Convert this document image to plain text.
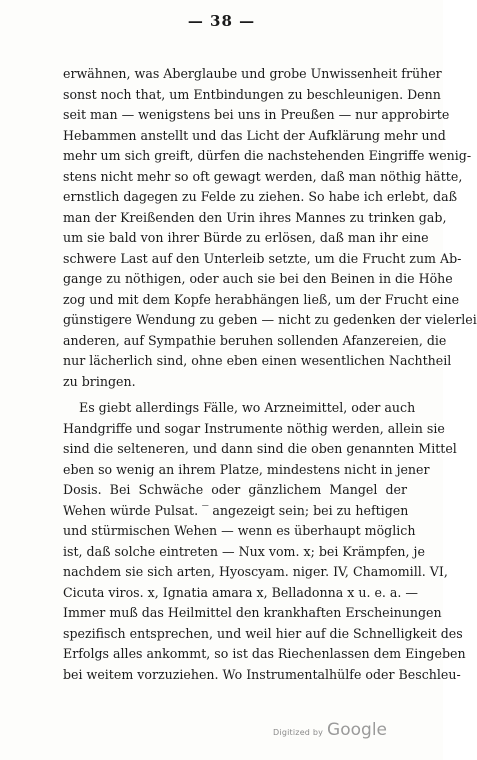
— 38 —
erwähnen, was Aberglaube und grobe Unwissenheit früher
sonst noch that, um Entbindungen zu beschleunigen. Denn
seit man — wenigstens bei uns in Preußen — nur approbirte
Hebammen anstellt und das Licht der Aufklärung mehr und
mehr um sich greift, dürfen die nachstehenden Eingriffe wenig-
stens nicht mehr so oft gewagt werden, daß man nöthig hätte,
ernstlich dagegen zu Felde zu ziehen. So habe ich erlebt, daß
man der Kreißenden den Urin ihres Mannes zu trinken gab,
um sie bald von ihrer Bürde zu erlösen, daß man ihr eine
schwere Last auf den Unterleib setzte, um die Frucht zum Ab-
gange zu nöthigen, oder auch sie bei den Beinen in die Höhe
zog und mit dem Kopfe herabhängen ließ, um der Frucht eine
günstigere Wendung zu geben — nicht zu gedenken der vielerlei
anderen, auf Sympathie beruhen sollenden Afanzereien, die
nur lächerlich sind, ohne eben einen wesentlichen Nachtheil
zu bringen.
Es giebt allerdings Fälle, wo Arzneimittel, oder auch
Handgriffe und sogar Instrumente nöthig werden, allein sie
sind die selteneren, und dann sind die oben genannten Mittel
eben so wenig an ihrem Platze, mindestens nicht in jener
Dosis. Bei Schwäche oder gänzlichem Mangel der
Wehen würde Pulsat. ‾ angezeigt sein; bei zu heftigen
und stürmischen Wehen — wenn es überhaupt möglich
ist, daß solche eintreten — Nux vom. x; bei Krämpfen, je
nachdem sie sich arten, Hyoscyam. niger. IV, Chamomill. VI,
Cicuta viros. x, Ignatia amara x, Belladonna x u. e. a. —
Immer muß das Heilmittel den krankhaften Erscheinungen
spezifisch entsprechen, und weil hier auf die Schnelligkeit des
Erfolgs alles ankommt, so ist das Riechenlassen dem Eingeben
bei weitem vorzuziehen. Wo Instrumentalhülfe oder Beschleu-
Digitized by Google
